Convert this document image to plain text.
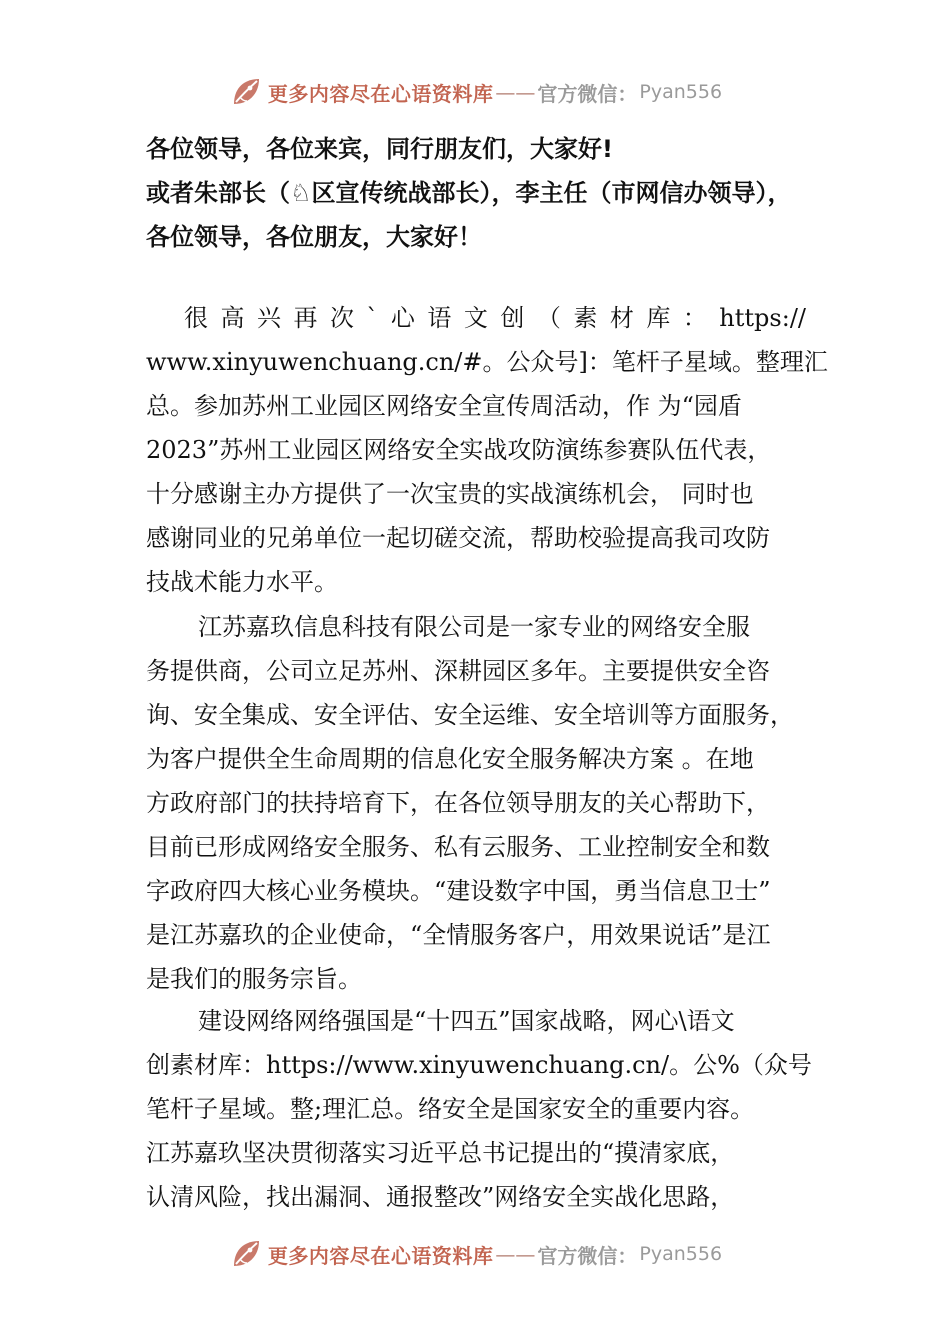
更多内容尽在心语资料库 —— 官方微信： Pyan556
各位领导，各位来宾，同行朋友们，大家好!
或者朱部长（♘区宣传统战部长），李主任（市网信办领导），
各位领导，各位朋友，大家好！
很高兴再次`心语文创（素材库：https://
www.xinyuwenchuang.cn/#。公众号]：笔杆子星域。整理汇
总。参加苏州工业园区网络安全宣传周活动，作 为“园盾
2023”苏州工业园区网络安全实战攻防演练参赛队伍代表，
十分感谢主办方提供了一次宝贵的实战演练机会， 同时也
感谢同业的兄弟单位一起切磋交流，帮助校验提高我司攻防
技战术能力水平。
江苏嘉玖信息科技有限公司是一家专业的网络安全服
务提供商，公司立足苏州、深耕园区多年。主要提供安全咨
询、安全集成、安全评估、安全运维、安全培训等方面服务，
为客户提供全生命周期的信息化安全服务解决方案 。在地
方政府部门的扶持培育下，在各位领导朋友的关心帮助下，
目前已形成网络安全服务、私有云服务、工业控制安全和数
字政府四大核心业务模块。“建设数字中国，勇当信息卫士”
是江苏嘉玖的企业使命，“全情服务客户，用效果说话”是江
是我们的服务宗旨。
建设网络网络强国是“十四五”国家战略，网心\语文
创素材库：https://www.xinyuwenchuang.cn/。公%（众号
笔杆子星域。整;理汇总。络安全是国家安全的重要内容。
江苏嘉玖坚决贯彻落实习近平总书记提出的“摸清家底，
认清风险，找出漏洞、通报整改”网络安全实战化思路，
更多内容尽在心语资料库 —— 官方微信： Pyan556
